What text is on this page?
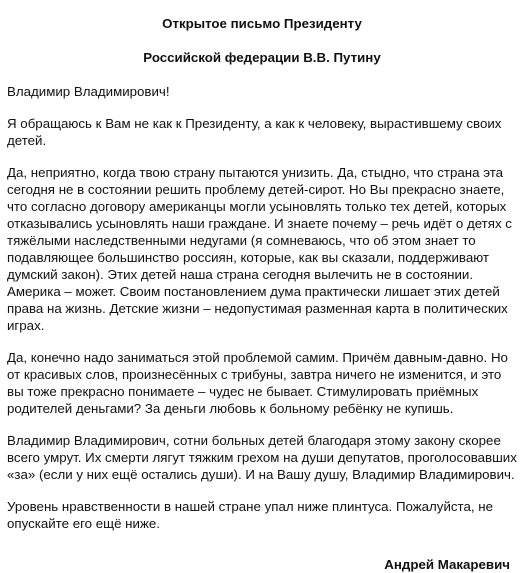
Открытое письмо Президенту

Российской федерации В.В. Путину

Владимир Владимирович!

Я обращаюсь к Вам не как к Президенту, а как к человеку, вырастившему своих детей.

Да, неприятно, когда твою страну пытаются унизить. Да, стыдно, что страна эта сегодня не в состоянии решить проблему детей-сирот. Но Вы прекрасно знаете, что согласно договору американцы могли усыновлять только тех детей, которых отказывались усыновлять наши граждане. И знаете почему – речь идёт о детях с тяжёлыми наследственными недугами (я сомневаюсь, что об этом знает то подавляющее большинство россиян, которые, как вы сказали, поддерживают думский закон). Этих детей наша страна сегодня вылечить не в состоянии. Америка – может. Своим постановлением дума практически лишает этих детей права на жизнь. Детские жизни – недопустимая разменная карта в политических играх.

Да, конечно надо заниматься этой проблемой самим. Причём давным-давно. Но от красивых слов, произнесённых с трибуны, завтра ничего не изменится, и это вы тоже прекрасно понимаете – чудес не бывает. Стимулировать приёмных родителей деньгами? За деньги любовь к больному ребёнку не купишь.

Владимир Владимирович, сотни больных детей благодаря этому закону скорее всего умрут. Их смерти лягут тяжким грехом на души депутатов, проголосовавших «за» (если у них ещё остались души). И на Вашу душу, Владимир Владимирович.

Уровень нравственности в нашей стране упал ниже плинтуса. Пожалуйста, не опускайте его ещё ниже.

Андрей Макаревич
